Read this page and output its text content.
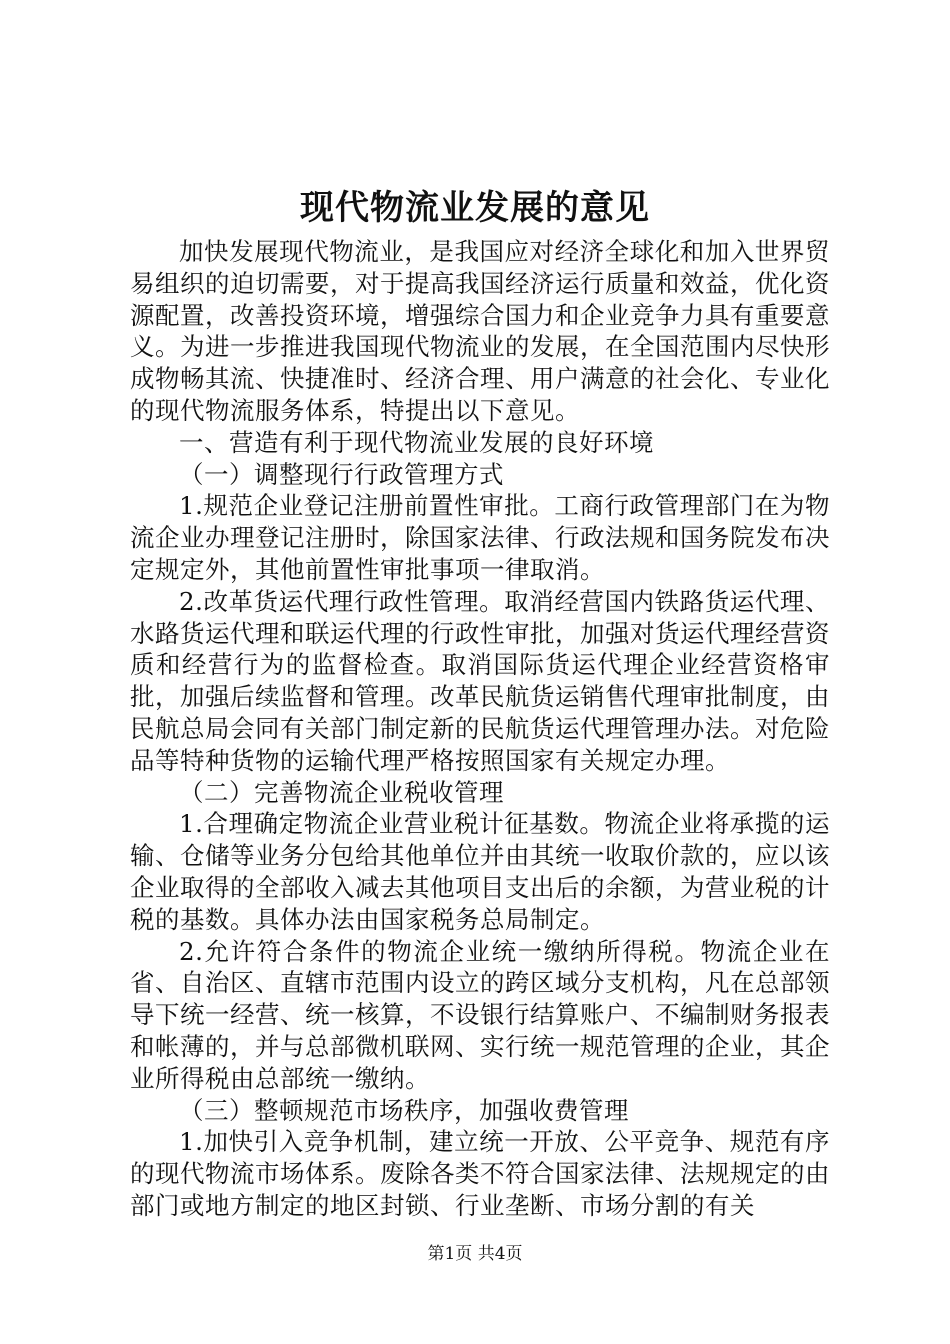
现代物流业发展的意见

加快发展现代物流业，是我国应对经济全球化和加入世界贸易组织的迫切需要，对于提高我国经济运行质量和效益，优化资源配置，改善投资环境，增强综合国力和企业竞争力具有重要意义。为进一步推进我国现代物流业的发展，在全国范围内尽快形成物畅其流、快捷准时、经济合理、用户满意的社会化、专业化的现代物流服务体系，特提出以下意见。

一、营造有利于现代物流业发展的良好环境

（一）调整现行行政管理方式

1.规范企业登记注册前置性审批。工商行政管理部门在为物流企业办理登记注册时，除国家法律、行政法规和国务院发布决定规定外，其他前置性审批事项一律取消。

2.改革货运代理行政性管理。取消经营国内铁路货运代理、水路货运代理和联运代理的行政性审批，加强对货运代理经营资质和经营行为的监督检查。取消国际货运代理企业经营资格审批，加强后续监督和管理。改革民航货运销售代理审批制度，由民航总局会同有关部门制定新的民航货运代理管理办法。对危险品等特种货物的运输代理严格按照国家有关规定办理。

（二）完善物流企业税收管理

1.合理确定物流企业营业税计征基数。物流企业将承揽的运输、仓储等业务分包给其他单位并由其统一收取价款的，应以该企业取得的全部收入减去其他项目支出后的余额，为营业税的计税的基数。具体办法由国家税务总局制定。

2.允许符合条件的物流企业统一缴纳所得税。物流企业在省、自治区、直辖市范围内设立的跨区域分支机构，凡在总部领导下统一经营、统一核算，不设银行结算账户、不编制财务报表和帐薄的，并与总部微机联网、实行统一规范管理的企业，其企业所得税由总部统一缴纳。

（三）整顿规范市场秩序，加强收费管理

1.加快引入竞争机制，建立统一开放、公平竞争、规范有序的现代物流市场体系。废除各类不符合国家法律、法规规定的由部门或地方制定的地区封锁、行业垄断、市场分割的有关

第1页 共4页
